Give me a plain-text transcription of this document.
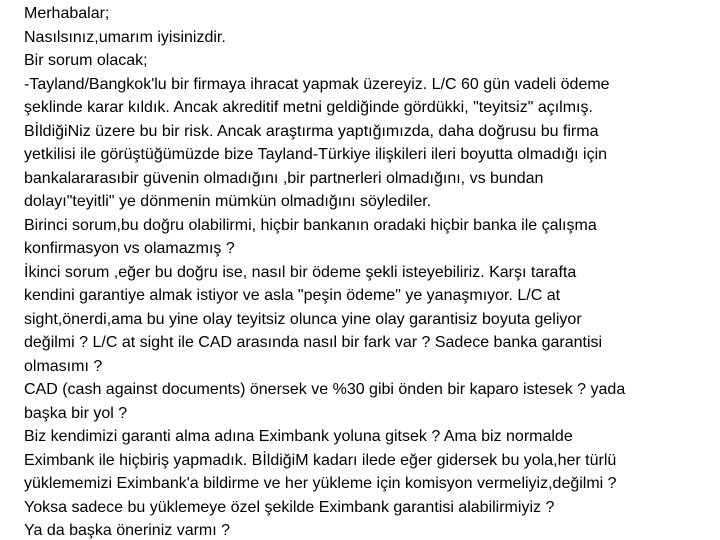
Merhabalar;
Nasılsınız,umarım iyisinizdir.
Bir sorum olacak;
-Tayland/Bangkok'lu bir firmaya ihracat yapmak üzereyiz. L/C 60 gün vadeli ödeme
şeklinde karar kıldık. Ancak akreditif metni geldiğinde gördükki, "teyitsiz" açılmış.
BİldiğiNiz üzere bu bir risk. Ancak araştırma yaptığımızda, daha doğrusu bu firma
yetkilisi ile görüştüğümüzde bize Tayland-Türkiye ilişkileri ileri boyutta olmadığı için
bankalararasıbir güvenin olmadığını ,bir partnerleri olmadığını, vs bundan
dolayı"teyitli" ye dönmenin mümkün olmadığını söylediler.
Birinci sorum,bu doğru olabilirmi, hiçbir bankanın oradaki hiçbir banka ile çalışma
konfirmasyon vs olamazmış ?
İkinci sorum ,eğer bu doğru ise, nasıl bir ödeme şekli isteyebiliriz. Karşı tarafta
kendini garantiye almak istiyor ve asla "peşin ödeme" ye yanaşmıyor. L/C at
sight,önerdi,ama bu yine olay teyitsiz olunca yine olay garantisiz boyuta geliyor
değilmi ? L/C at sight ile CAD arasında nasıl bir fark var ? Sadece banka garantisi
olmasımı ?
CAD (cash against documents) önersek ve %30 gibi önden bir kaparo istesek ? yada
başka bir yol ?
Biz kendimizi garanti alma adına Eximbank yoluna gitsek ? Ama biz normalde
Eximbank ile hiçbiriş yapmadık. BİldiğiM kadarı ilede eğer gidersek bu yola,her türlü
yüklememizi Eximbank'a bildirme ve her yükleme için komisyon vermeliyiz,değilmi ?
Yoksa sadece bu yüklemeye özel şekilde Eximbank garantisi alabilirmiyiz ?
Ya da başka öneriniz varmı ?
